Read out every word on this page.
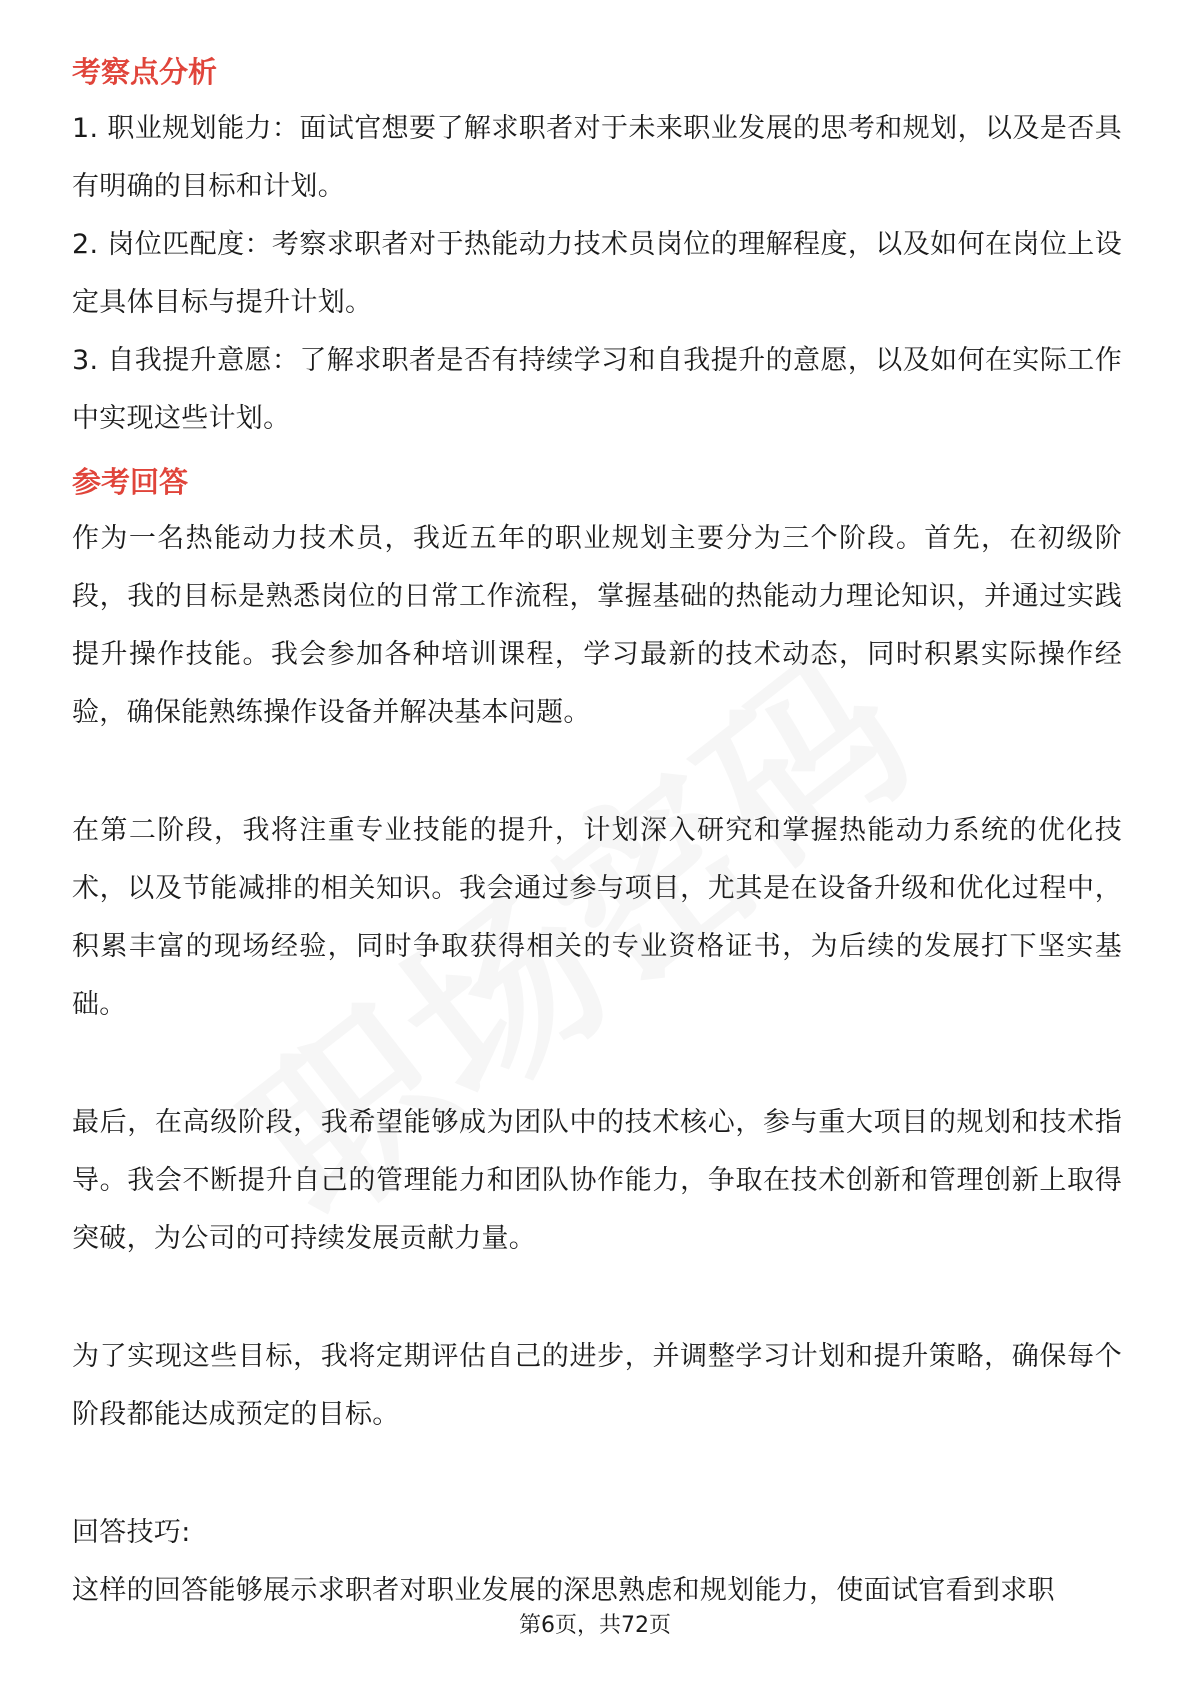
考察点分析

1. 职业规划能力：面试官想要了解求职者对于未来职业发展的思考和规划，以及是否具有明确的目标和计划。

2. 岗位匹配度：考察求职者对于热能动力技术员岗位的理解程度，以及如何在岗位上设定具体目标与提升计划。

3. 自我提升意愿：了解求职者是否有持续学习和自我提升的意愿，以及如何在实际工作中实现这些计划。

参考回答

作为一名热能动力技术员，我近五年的职业规划主要分为三个阶段。首先，在初级阶段，我的目标是熟悉岗位的日常工作流程，掌握基础的热能动力理论知识，并通过实践提升操作技能。我会参加各种培训课程，学习最新的技术动态，同时积累实际操作经验，确保能熟练操作设备并解决基本问题。

在第二阶段，我将注重专业技能的提升，计划深入研究和掌握热能动力系统的优化技术，以及节能减排的相关知识。我会通过参与项目，尤其是在设备升级和优化过程中，积累丰富的现场经验，同时争取获得相关的专业资格证书，为后续的发展打下坚实基础。

最后，在高级阶段，我希望能够成为团队中的技术核心，参与重大项目的规划和技术指导。我会不断提升自己的管理能力和团队协作能力，争取在技术创新和管理创新上取得突破，为公司的可持续发展贡献力量。

为了实现这些目标，我将定期评估自己的进步，并调整学习计划和提升策略，确保每个阶段都能达成预定的目标。

回答技巧:

这样的回答能够展示求职者对职业发展的深思熟虑和规划能力，使面试官看到求职

第6页，共72页
